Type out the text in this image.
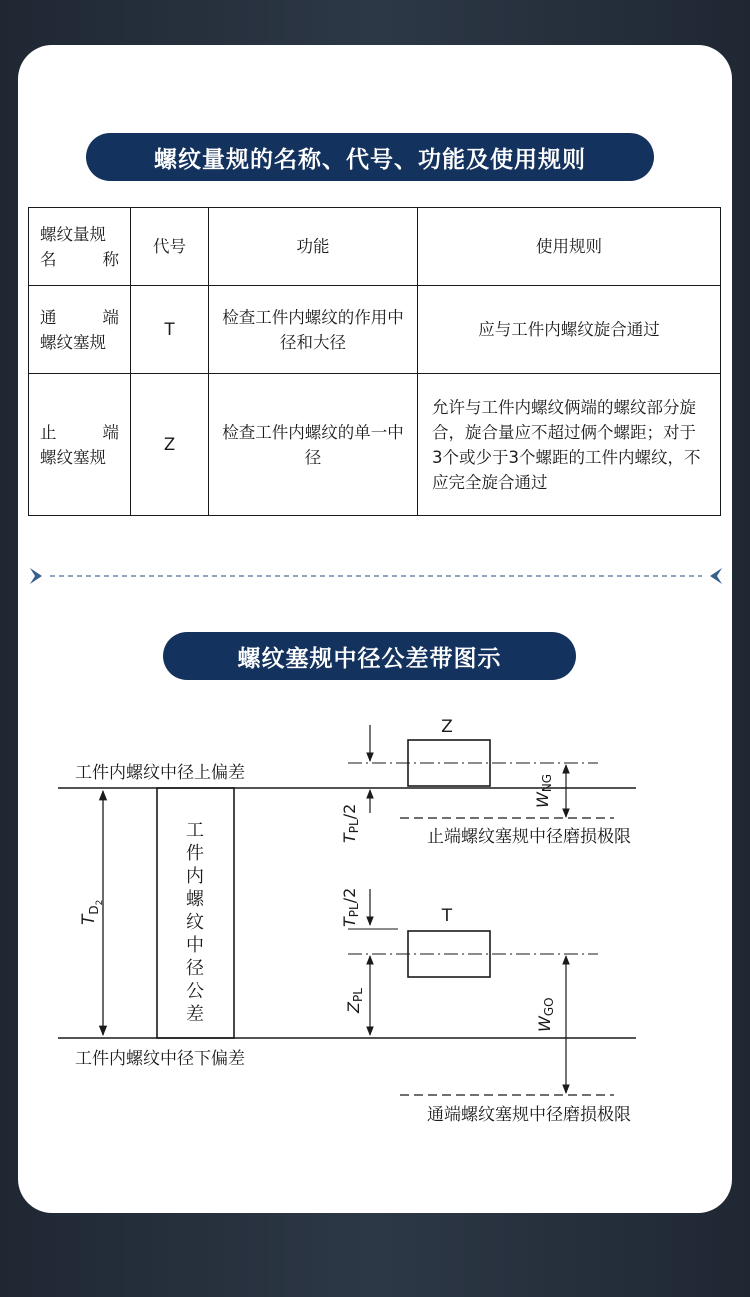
螺纹量规的名称、代号、功能及使用规则
螺纹量规
名 称	代号	功能	使用规则

通 端
螺纹塞规	T	检查工件内螺纹的作用中径和大径	应与工件内螺纹旋合通过

止 端
螺纹塞规	Z	检查工件内螺纹的单一中径	允许与工件内螺纹俩端的螺纹部分旋合，旋合量应不超过俩个螺距；对于3个或少于3个螺距的工件内螺纹，不应完全旋合通过
螺纹塞规中径公差带图示
工件内螺纹中径上偏差
工件内螺纹中径下偏差
$T_{D2}$
工
件
内
螺
纹
中
径
公
差
Z
TPL/2
WNG
止端螺纹塞规中径磨损极限
TPL/2
T
ZPL
WGO
通端螺纹塞规中径磨损极限
